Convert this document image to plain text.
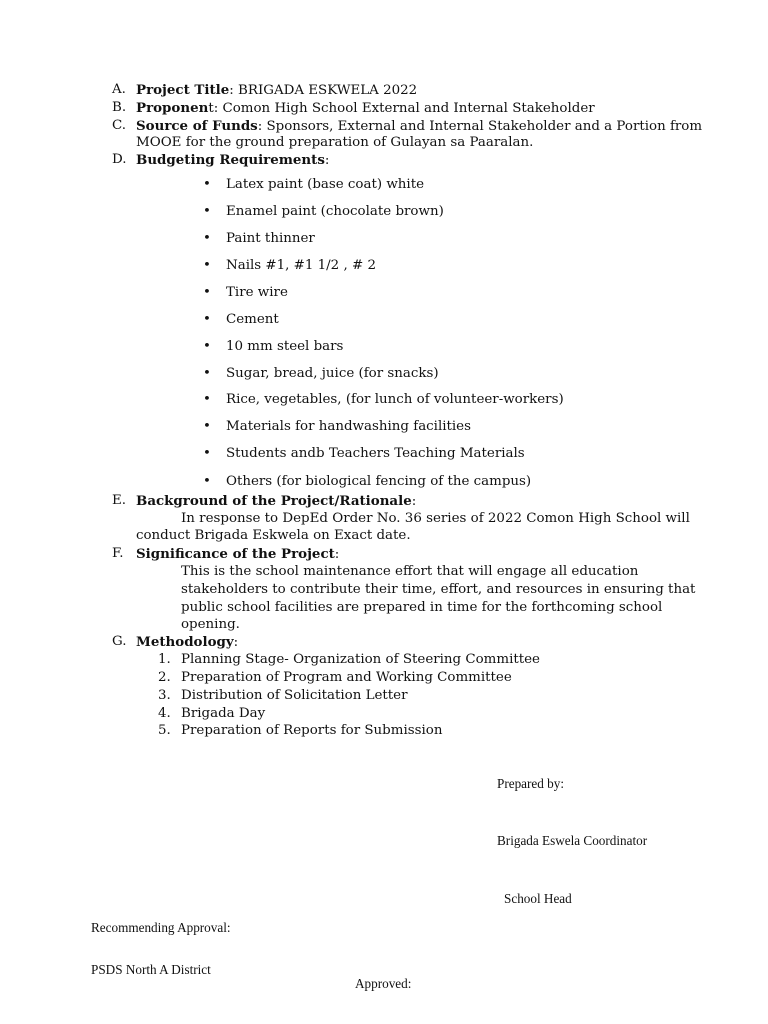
A. Project Title: BRIGADA ESKWELA 2022
B. Proponent: Comon High School External and Internal Stakeholder
C. Source of Funds: Sponsors, External and Internal Stakeholder and a Portion from
MOOE for the ground preparation of Gulayan sa Paaralan.
D. Budgeting Requirements:
• Latex paint (base coat) white
• Enamel paint (chocolate brown)
• Paint thinner
• Nails #1, #1 1/2 , # 2
• Tire wire
• Cement
• 10 mm steel bars
• Sugar, bread, juice (for snacks)
• Rice, vegetables, (for lunch of volunteer-workers)
• Materials for handwashing facilities
• Students andb Teachers Teaching Materials
• Others (for biological fencing of the campus)
E. Background of the Project/Rationale:
In response to DepEd Order No. 36 series of 2022 Comon High School will
conduct Brigada Eskwela on Exact date.
F. Significance of the Project:
This is the school maintenance effort that will engage all education
stakeholders to contribute their time, effort, and resources in ensuring that
public school facilities are prepared in time for the forthcoming school
opening.
G. Methodology:
1. Planning Stage- Organization of Steering Committee
2. Preparation of Program and Working Committee
3. Distribution of Solicitation Letter
4. Brigada Day
5. Preparation of Reports for Submission
Prepared by:
Brigada Eswela Coordinator
School Head
Recommending Approval:
PSDS North A District
Approved:
